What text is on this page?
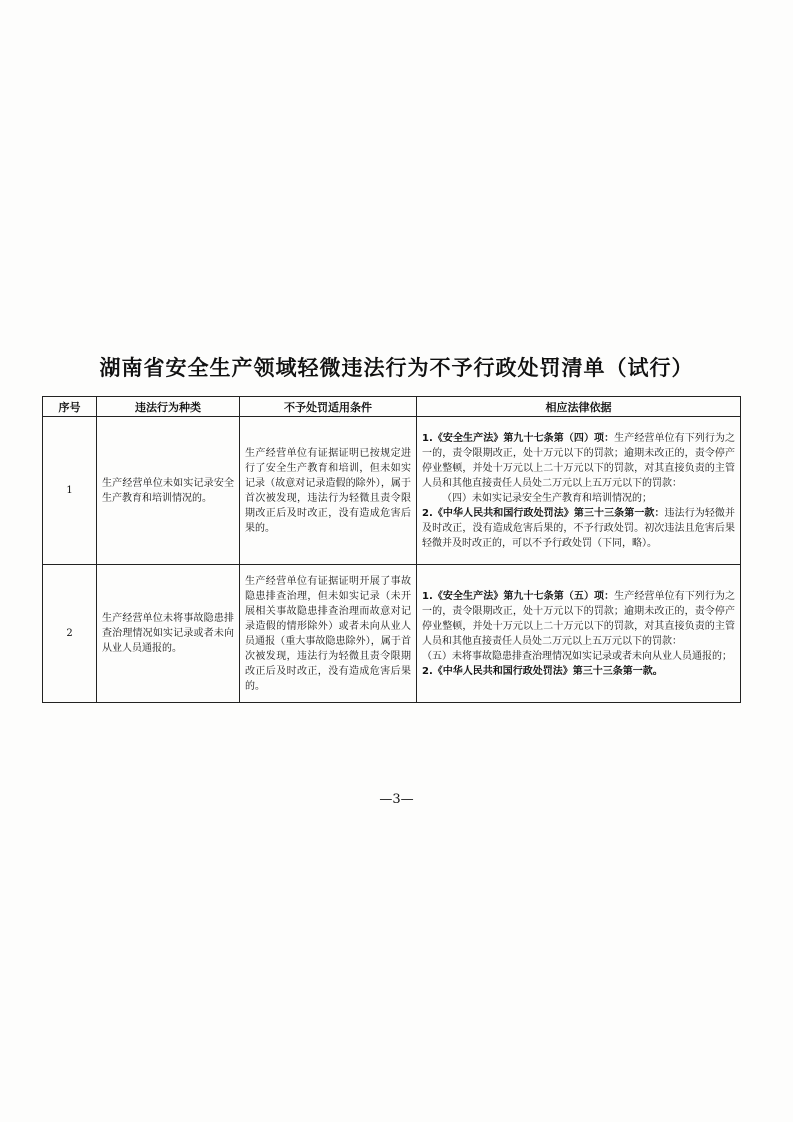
湖南省安全生产领域轻微违法行为不予行政处罚清单（试行）
序号	违法行为种类	不予处罚适用条件	相应法律依据
1	生产经营单位未如实记录安全生产教育和培训情况的。	生产经营单位有证据证明已按规定进行了安全生产教育和培训，但未如实记录（故意对记录造假的除外），属于首次被发现，违法行为轻微且责令限期改正后及时改正，没有造成危害后果的。	1.《安全生产法》第九十七条第（四）项：生产经营单位有下列行为之一的，责令限期改正，处十万元以下的罚款；逾期未改正的，责令停产停业整顿，并处十万元以上二十万元以下的罚款，对其直接负责的主管人员和其他直接责任人员处二万元以上五万元以下的罚款：

（四）未如实记录安全生产教育和培训情况的；

2.《中华人民共和国行政处罚法》第三十三条第一款：违法行为轻微并及时改正，没有造成危害后果的，不予行政处罚。初次违法且危害后果轻微并及时改正的，可以不予行政处罚（下同，略）。

2	生产经营单位未将事故隐患排查治理情况如实记录或者未向从业人员通报的。	生产经营单位有证据证明开展了事故隐患排查治理，但未如实记录（未开展相关事故隐患排查治理而故意对记录造假的情形除外）或者未向从业人员通报（重大事故隐患除外），属于首次被发现，违法行为轻微且责令限期改正后及时改正，没有造成危害后果的。	1.《安全生产法》第九十七条第（五）项：生产经营单位有下列行为之一的，责令限期改正，处十万元以下的罚款；逾期未改正的，责令停产停业整顿，并处十万元以上二十万元以下的罚款，对其直接负责的主管人员和其他直接责任人员处二万元以上五万元以下的罚款：

（五）未将事故隐患排查治理情况如实记录或者未向从业人员通报的；

2.《中华人民共和国行政处罚法》第三十三条第一款。

—3—
